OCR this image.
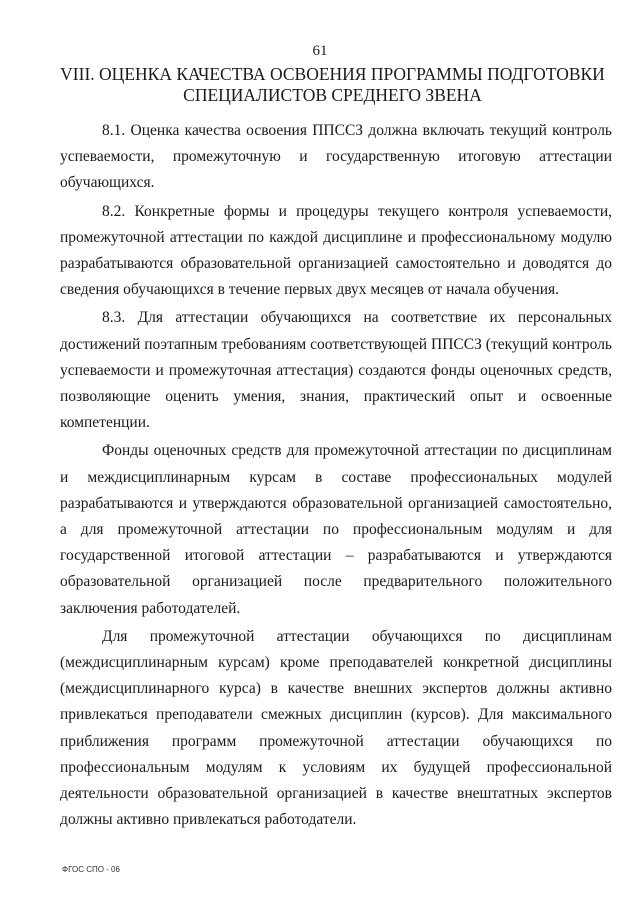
61
VIII. ОЦЕНКА КАЧЕСТВА ОСВОЕНИЯ ПРОГРАММЫ ПОДГОТОВКИ
СПЕЦИАЛИСТОВ СРЕДНЕГО ЗВЕНА

8.1. Оценка качества освоения ППССЗ должна включать текущий контроль успеваемости, промежуточную и государственную итоговую аттестации обучающихся.

8.2. Конкретные формы и процедуры текущего контроля успеваемости, промежуточной аттестации по каждой дисциплине и профессиональному модулю разрабатываются образовательной организацией самостоятельно и доводятся до сведения обучающихся в течение первых двух месяцев от начала обучения.

8.3. Для аттестации обучающихся на соответствие их персональных достижений поэтапным требованиям соответствующей ППССЗ (текущий контроль успеваемости и промежуточная аттестация) создаются фонды оценочных средств, позволяющие оценить умения, знания, практический опыт и освоенные компетенции.

Фонды оценочных средств для промежуточной аттестации по дисциплинам и междисциплинарным курсам в составе профессиональных модулей разрабатываются и утверждаются образовательной организацией самостоятельно, а для промежуточной аттестации по профессиональным модулям и для государственной итоговой аттестации – разрабатываются и утверждаются образовательной организацией после предварительного положительного заключения работодателей.

Для промежуточной аттестации обучающихся по дисциплинам (междисциплинарным курсам) кроме преподавателей конкретной дисциплины (междисциплинарного курса) в качестве внешних экспертов должны активно привлекаться преподаватели смежных дисциплин (курсов). Для максимального приближения программ промежуточной аттестации обучающихся по профессиональным модулям к условиям их будущей профессиональной деятельности образовательной организацией в качестве внештатных экспертов должны активно привлекаться работодатели.

ФГОС СПО - 06
